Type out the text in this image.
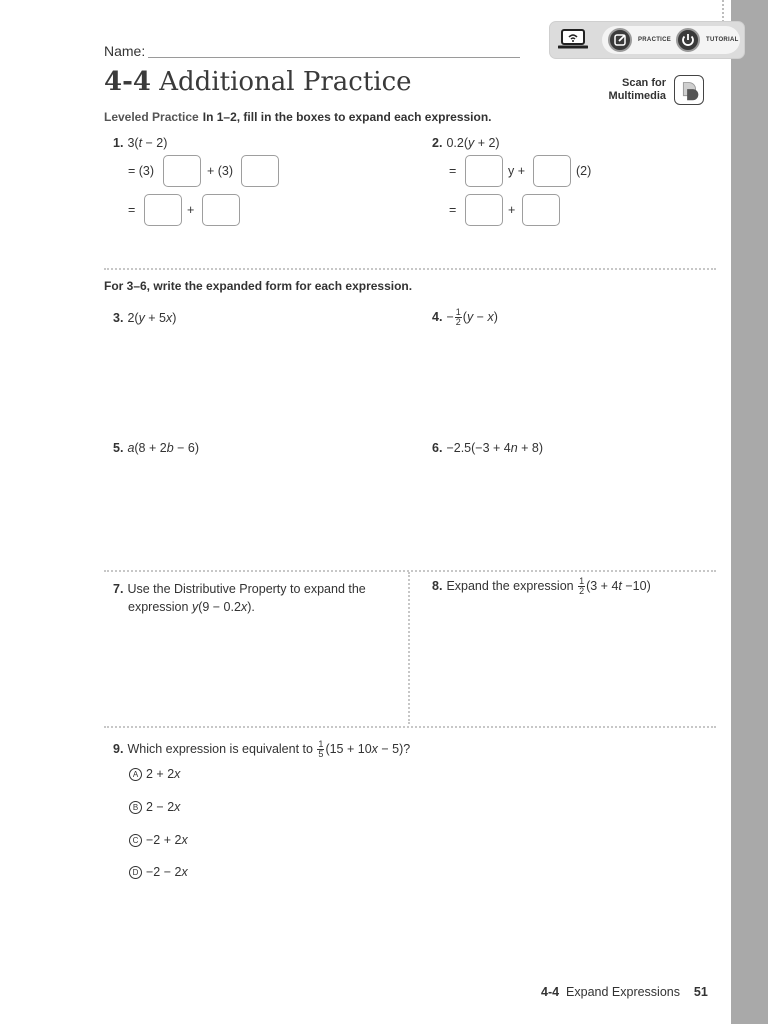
PRACTICE	TUTORIAL
Name:
4-4 Additional Practice	Scan for
Multimedia
Leveled Practice In 1–2, fill in the boxes to expand each expression.
1. 3(t − 2)
= (3)	+ (3)
=	+
2. 0.2(y + 2)
=	y +	(2)
=	+
For 3–6, write the expanded form for each expression.
3. 2(y + 5x)	4. − $\frac{1}{2} (y - x)$
5. a(8 + 2b − 6)	6. −2.5(−3 + 4n + 8)
7. Use the Distributive Property to expand the
expression y(9 − 0.2x).
8. Expand the expression $\frac{1}{2} (3 + 4t -10)$
9. Which expression is equivalent to $\frac{1}{5} (15 + 10x - 5)$?
A 2 + 2x
B 2 − 2x
C −2 + 2x
D −2 − 2x
4-4 Expand Expressions 51
